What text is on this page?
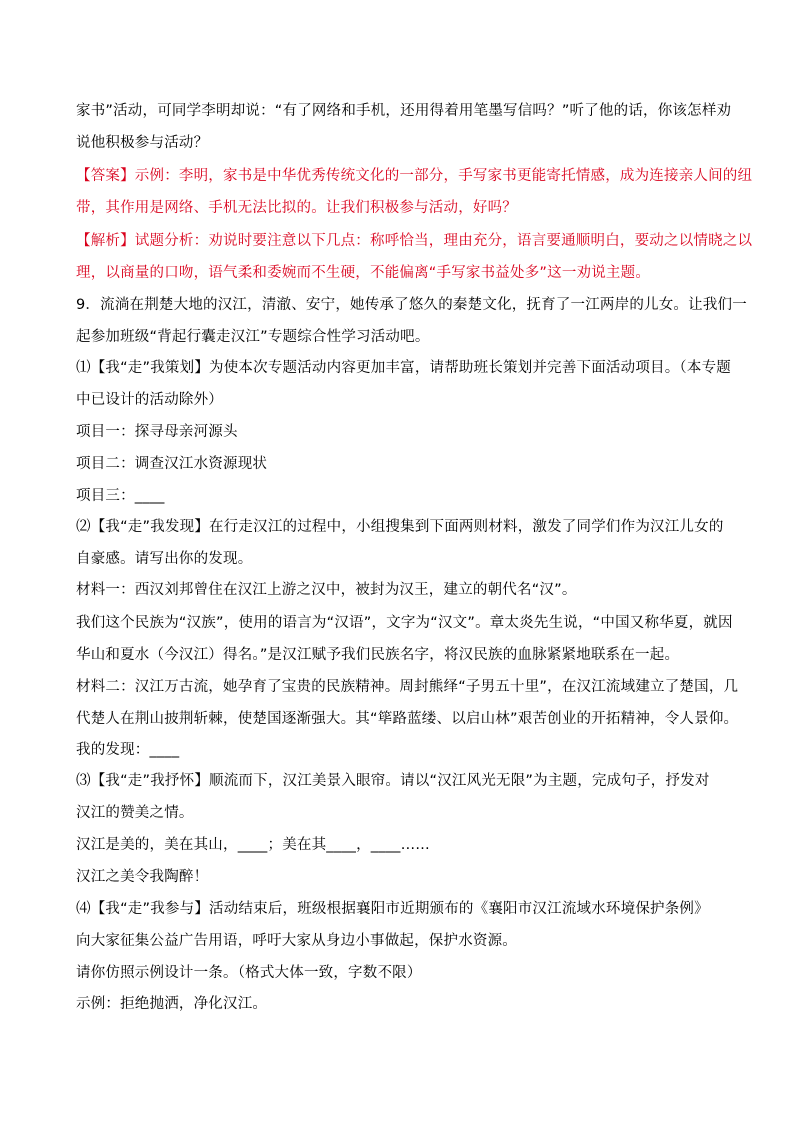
家书”活动，可同学李明却说：“有了网络和手机，还用得着用笔墨写信吗？”听了他的话，你该怎样劝
说他积极参与活动？
【答案】示例：李明，家书是中华优秀传统文化的一部分，手写家书更能寄托情感，成为连接亲人间的纽
带，其作用是网络、手机无法比拟的。让我们积极参与活动，好吗？
【解析】试题分析：劝说时要注意以下几点：称呼恰当，理由充分，语言要通顺明白，要动之以情晓之以
理，以商量的口吻，语气柔和委婉而不生硬，不能偏离“手写家书益处多”这一劝说主题。
9．流淌在荆楚大地的汉江，清澈、安宁，她传承了悠久的秦楚文化，抚育了一江两岸的儿女。让我们一
起参加班级“背起行囊走汉江”专题综合性学习活动吧。
⑴【我“走”我策划】为使本次专题活动内容更加丰富，请帮助班长策划并完善下面活动项目。（本专题
中已设计的活动除外）
项目一：探寻母亲河源头
项目二：调查汉江水资源现状
项目三：____
⑵【我“走”我发现】在行走汉江的过程中，小组搜集到下面两则材料，激发了同学们作为汉江儿女的
自豪感。请写出你的发现。
材料一：西汉刘邦曾住在汉江上游之汉中，被封为汉王，建立的朝代名“汉”。
我们这个民族为“汉族”，使用的语言为“汉语”，文字为“汉文”。章太炎先生说，“中国又称华夏，就因
华山和夏水（今汉江）得名。”是汉江赋予我们民族名字，将汉民族的血脉紧紧地联系在一起。
材料二：汉江万古流，她孕育了宝贵的民族精神。周封熊绎“子男五十里”，在汉江流域建立了楚国，几
代楚人在荆山披荆斩棘，使楚国逐渐强大。其“筚路蓝缕、以启山林”艰苦创业的开拓精神，令人景仰。
我的发现：____
⑶【我“走”我抒怀】顺流而下，汉江美景入眼帘。请以“汉江风光无限”为主题，完成句子，抒发对
汉江的赞美之情。
汉江是美的，美在其山，____；美在其____，____……
汉江之美令我陶醉！
⑷【我“走”我参与】活动结束后，班级根据襄阳市近期颁布的《襄阳市汉江流域水环境保护条例》
向大家征集公益广告用语，呼吁大家从身边小事做起，保护水资源。
请你仿照示例设计一条。（格式大体一致，字数不限）
示例：拒绝抛洒，净化汉江。
